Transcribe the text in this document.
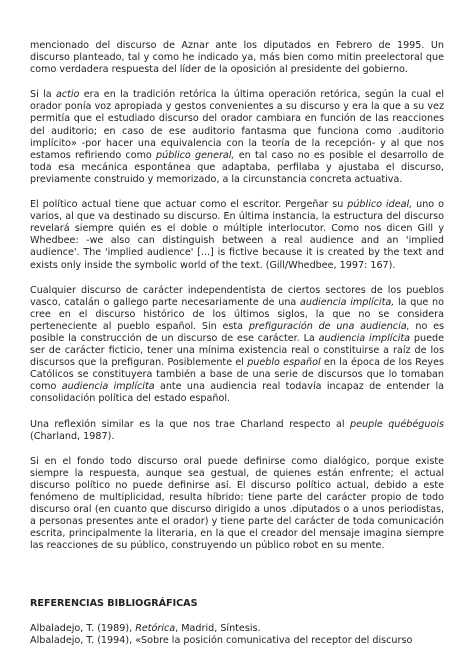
mencionado del discurso de Aznar ante los diputados en Febrero de 1995. Un discurso planteado, tal y como he indicado ya, más bien como mitin preelectoral que como verdadera respuesta del líder de la oposición al presidente del gobierno.

Si la actio era en la tradición retórica la última operación retórica, según la cual el orador ponía voz apropiada y gestos convenientes a su discurso y era la que a su vez permitía que el estudiado discurso del orador cambiara en función de las reacciones del auditorio; en caso de ese auditorio fantasma que funciona como .auditorio implícito» -por hacer una equivalencia con la teoría de la recepción- y al que nos estamos refiriendo como público general, en tal caso no es posible el desarrollo de toda esa mecánica espontánea que adaptaba, perfilaba y ajustaba el discurso, previamente construido y memorizado, a la circunstancia concreta actuativa.

El político actual tiene que actuar como el escritor. Pergeñar su público ideal, uno o varios, al que va destinado su discurso. En última instancia, la estructura del discurso revelará siempre quién es el doble o múltiple interlocutor. Como nos dicen Gill y Whedbee: -we also can distinguish between a real audience and an 'implied audience'. The 'implied audience' [...] is fictive because it is created by the text and exists only inside the symbolic world of the text. (Gill/Whedbee, 1997: 167).

Cualquier discurso de carácter independentista de ciertos sectores de los pueblos vasco, catalán o gallego parte necesariamente de una audiencia implícita, la que no cree en el discurso histórico de los últimos siglos, la que no se considera perteneciente al pueblo español. Sin esta prefiguración de una audiencia, no es posible la construcción de un discurso de ese carácter. La audiencia implícita puede ser de carácter ficticio, tener una mínima existencia real o constituirse a raíz de los discursos que la prefiguran. Posiblemente el pueblo español en la época de los Reyes Católicos se constituyera también a base de una serie de discursos que lo tomaban como audiencia implícita ante una audiencia real todavía incapaz de entender la consolidación política del estado español.

Una reflexión similar es la que nos trae Charland respecto al peuple québéguois (Charland, 1987).

Si en el fondo todo discurso oral puede definirse como dialógico, porque existe siempre la respuesta, aunque sea gestual, de quienes están enfrente; el actual discurso político no puede definirse así. El discurso político actual, debido a este fenómeno de multiplicidad, resulta híbrido: tiene parte del carácter propio de todo discurso oral (en cuanto que discurso dirigido a unos .diputados o a unos periodistas, a personas presentes ante el orador) y tiene parte del carácter de toda comunicación escrita, principalmente la literaria, en la que el creador del mensaje imagina siempre las reacciones de su público, construyendo un público robot en su mente.

REFERENCIAS BIBLIOGRÁFICAS

Albaladejo, T. (1989), Retórica, Madrid, Síntesis.

Albaladejo, T. (1994), «Sobre la posición comunicativa del receptor del discurso
